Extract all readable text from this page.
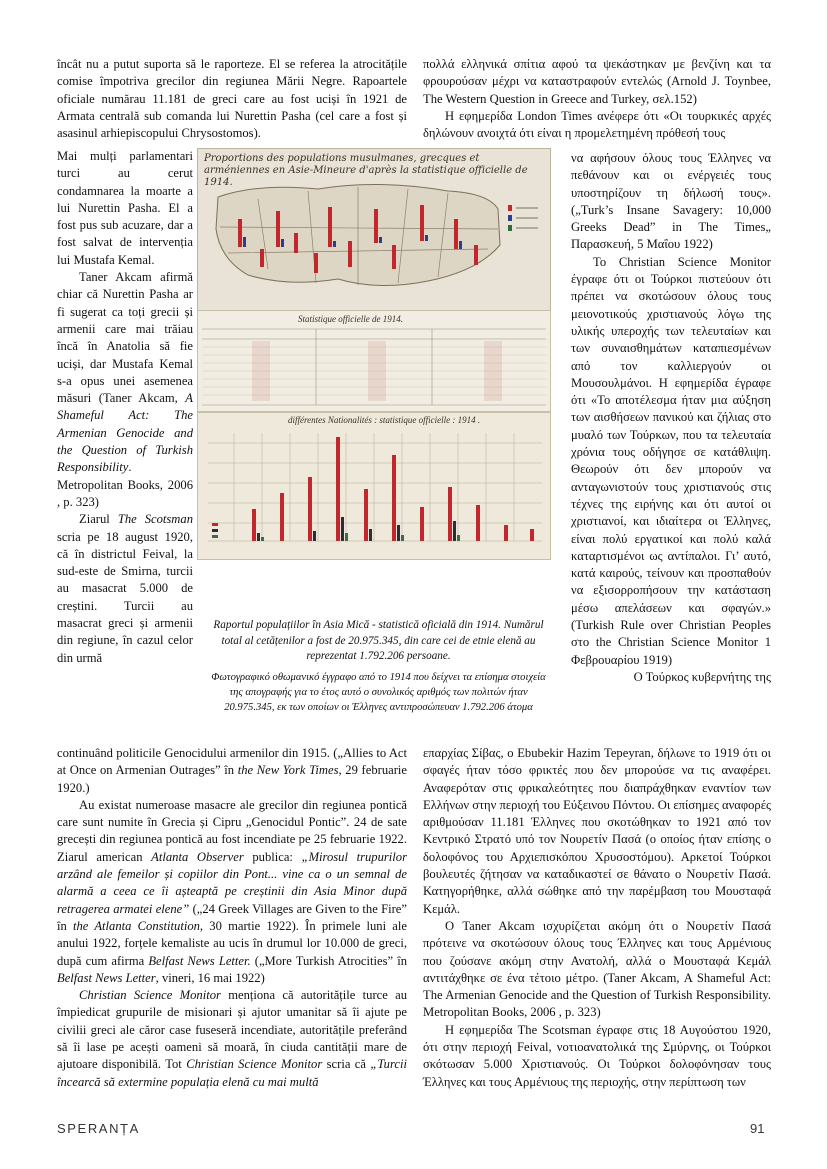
încât nu a putut suporta să le raporteze. El se referea la atrocitățile comise împotriva grecilor din regiunea Mării Negre. Rapoartele oficiale numărau 11.181 de greci care au fost uciși în 1921 de Armata centrală sub comanda lui Nurettin Pasha (cel care a fost și asasinul arhiepiscopului Chrysostomos).

Mai mulți parlamentari turci au cerut condamnarea la moarte a lui Nurettin Pasha. El a fost pus sub acuzare, dar a fost salvat de intervenția lui Mustafa Kemal.

Taner Akcam afirmă chiar că Nurettin Pasha ar fi sugerat ca toți grecii și armenii care mai trăiau încă în Anatolia să fie uciși, dar Mustafa Kemal s-a opus unei asemenea măsuri (Taner Akcam, A Shameful Act: The Armenian Genocide and the Question of Turkish Responsibility. Metropolitan Books, 2006 , p. 323)

Ziarul The Scotsman scria pe 18 august 1920, că în districtul Feival, la sud-este de Smirna, turcii au masacrat 5.000 de creștini. Turcii au masacrat greci și armenii din regiune, în cazul celor din urmă

continuând politicile Genocidului armenilor din 1915. („Allies to Act at Once on Armenian Outrages” în the New York Times, 29 februarie 1920.)

Au existat numeroase masacre ale grecilor din regiunea pontică care sunt numite în Grecia și Cipru „Genocidul Pontic”. 24 de sate grecești din regiunea pontică au fost incendiate pe 25 februarie 1922. Ziarul american Atlanta Observer publica: „Mirosul trupurilor arzând ale femeilor și copiilor din Pont... vine ca o un semnal de alarmă a ceea ce îi așteaptă pe creștinii din Asia Minor după retragerea armatei elene” („24 Greek Villages are Given to the Fire” în the Atlanta Constitution, 30 martie 1922). În primele luni ale anului 1922, forțele kemaliste au ucis în drumul lor 10.000 de greci, după cum afirma Belfast News Letter. („More Turkish Atrocities” în Belfast News Letter, vineri, 16 mai 1922)

Christian Science Monitor menționa că autoritățile turce au împiedicat grupurile de misionari și ajutor umanitar să îi ajute pe civilii greci ale căror case fuseseră incendiate, autoritățile preferând să îi lase pe acești oameni să moară, în ciuda cantității mare de ajutoare disponibilă. Tot Christian Science Monitor scria că „Turcii încearcă să extermine populația elenă cu mai multă

πολλά ελληνικά σπίτια αφού τα ψεκάστηκαν με βενζίνη και τα φρουρούσαν μέχρι να καταστραφούν εντελώς (Arnold J. Toynbee, The Western Question in Greece and Turkey, σελ.152)

Η εφημερίδα London Times ανέφερε ότι «Οι τουρκικές αρχές δηλώνουν ανοιχτά ότι είναι η προμελετημένη πρόθεσή τους

να αφήσουν όλους τους Έλληνες να πεθάνουν και οι ενέργειές τους υποστηρίζουν τη δήλωσή τους». („Turk’s Insane Savagery: 10,000 Greeks Dead” in The Times„ Παρασκευή, 5 Μαΐου 1922)

Το Christian Science Monitor έγραφε ότι οι Τούρκοι πιστεύουν ότι πρέπει να σκοτώσουν όλους τους μειονοτικούς χριστιανούς λόγω της υλικής υπεροχής των τελευταίων και των συναισθημάτων καταπιεσμένων από τον καλλιεργούν οι Μουσουλμάνοι. Η εφημερίδα έγραφε ότι «Το αποτέλεσμα ήταν μια αύξηση των αισθήσεων πανικού και ζήλιας στο μυαλό των Τούρκων, που τα τελευταία χρόνια τους οδήγησε σε κατάθλιψη. Θεωρούν ότι δεν μπορούν να ανταγωνιστούν τους χριστιανούς στις τέχνες της ειρήνης και ότι αυτοί οι χριστιανοί, και ιδιαίτερα οι Έλληνες, είναι πολύ εργατικοί και πολύ καλά καταρτισμένοι ως αντίπαλοι. Γι’ αυτό, κατά καιρούς, τείνουν και προσπαθούν να εξισορροπήσουν την κατάσταση μέσω απελάσεων και σφαγών.» (Turkish Rule over Christian Peoples στο the Christian Science Monitor 1 Φεβρουαρίου 1919)

Ο Τούρκος κυβερνήτης της

επαρχίας Σίβας, ο Ebubekir Hazim Tepeyran, δήλωνε το 1919 ότι οι σφαγές ήταν τόσο φρικτές που δεν μπορούσε να τις αναφέρει. Αναφερόταν στις φρικαλεότητες που διαπράχθηκαν εναντίον των Ελλήνων στην περιοχή του Εύξεινου Πόντου. Οι επίσημες αναφορές αριθμούσαν 11.181 Έλληνες που σκοτώθηκαν το 1921 από τον Κεντρικό Στρατό υπό τον Νουρετίν Πασά (ο οποίος ήταν επίσης ο δολοφόνος του Αρχιεπισκόπου Χρυσοστόμου). Αρκετοί Τούρκοι βουλευτές ζήτησαν να καταδικαστεί σε θάνατο ο Νουρετίν Πασά. Κατηγορήθηκε, αλλά σώθηκε από την παρέμβαση του Μουσταφά Κεμάλ.

Ο Taner Akcam ισχυρίζεται ακόμη ότι ο Νουρετίν Πασά πρότεινε να σκοτώσουν όλους τους Έλληνες και τους Αρμένιους που ζούσανε ακόμη στην Ανατολή, αλλά ο Μουσταφά Κεμάλ αντιτάχθηκε σε ένα τέτοιο μέτρο. (Taner Akcam, A Shameful Act: The Armenian Genocide and the Question of Turkish Responsibility. Metropolitan Books, 2006 , p. 323)

Η εφημερίδα The Scotsman έγραφε στις 18 Αυγούστου 1920, ότι στην περιοχή Feival, νοτιοανατολικά της Σμύρνης, οι Τούρκοι σκότωσαν 5.000 Χριστιανούς. Οι Τούρκοι δολοφόνησαν τους Έλληνες και τους Αρμένιους της περιοχής, στην περίπτωση των

Proportions des populations musulmanes, grecques et arméniennes en Asie-Mineure d'après la statistique officielle de 1914.
Statistique officielle de 1914.
différentes Nationalités : statistique officielle : 1914 .

Raportul populațiilor în Asia Mică - statistică oficială din 1914. Numărul total al cetățenilor a fost de 20.975.345, din care cei de etnie elenă au reprezentat 1.792.206 persoane.

Φωτογραφικό οθωμανικό έγγραφο από το 1914 που δείχνει τα επίσημα στοιχεία της απογραφής για το έτος αυτό ο συνολικός αριθμός των πολιτών ήταν 20.975.345, εκ των οποίων οι Έλληνες αντιπροσώπευαν 1.792.206 άτομα

SPERANȚA	91
